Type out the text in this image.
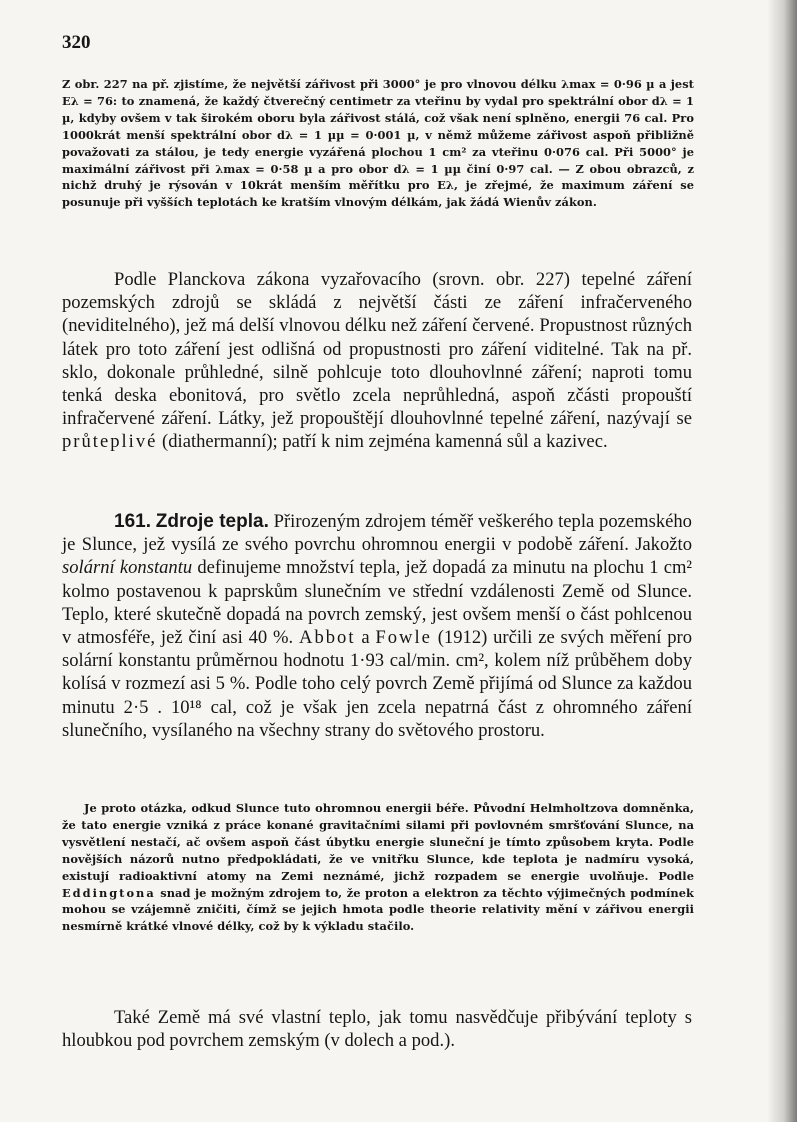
320

Z obr. 227 na př. zjistíme, že největší zářivost při 3000° je pro vlnovou délku λmax = 0·96 µ a jest Eλ = 76: to znamená, že každý čtverečný centimetr za vteřinu by vydal pro spektrální obor dλ = 1 µ, kdyby ovšem v tak širokém oboru byla zářivost stálá, což však není splněno, energii 76 cal. Pro 1000krát menší spektrální obor dλ = 1 µµ = 0·001 µ, v němž můžeme zářivost aspoň přibližně považovati za stálou, je tedy energie vyzářená plochou 1 cm² za vteřinu 0·076 cal. Při 5000° je maximální zářivost při λmax = 0·58 µ a pro obor dλ = 1 µµ činí 0·97 cal. — Z obou obrazců, z nichž druhý je rýsován v 10krát menším měřítku pro Eλ, je zřejmé, že maximum záření se posunuje při vyšších teplotách ke kratším vlnovým délkám, jak žádá Wienův zákon.

Podle Planckova zákona vyzařovacího (srovn. obr. 227) tepelné záření pozemských zdrojů se skládá z největší části ze záření infračerveného (neviditelného), jež má delší vlnovou délku než záření červené. Propustnost různých látek pro toto záření jest odlišná od propustnosti pro záření viditelné. Tak na př. sklo, dokonale průhledné, silně pohlcuje toto dlouhovlnné záření; naproti tomu tenká deska ebonitová, pro světlo zcela neprůhledná, aspoň zčásti propouští infračervené záření. Látky, jež propouštějí dlouhovlnné tepelné záření, nazývají se průteplivé (diathermanní); patří k nim zejména kamenná sůl a kazivec.

161. Zdroje tepla. Přirozeným zdrojem téměř veškerého tepla pozemského je Slunce, jež vysílá ze svého povrchu ohromnou energii v podobě záření. Jakožto solární konstantu definujeme množství tepla, jež dopadá za minutu na plochu 1 cm² kolmo postavenou k paprskům slunečním ve střední vzdálenosti Země od Slunce. Teplo, které skutečně dopadá na povrch zemský, jest ovšem menší o část pohlcenou v atmosféře, jež činí asi 40 %. Abbot a Fowle (1912) určili ze svých měření pro solární konstantu průměrnou hodnotu 1·93 cal/min. cm², kolem níž průběhem doby kolísá v rozmezí asi 5 %. Podle toho celý povrch Země přijímá od Slunce za každou minutu 2·5 . 10¹⁸ cal, což je však jen zcela nepatrná část z ohromného záření slunečního, vysílaného na všechny strany do světového prostoru.

Je proto otázka, odkud Slunce tuto ohromnou energii béře. Původní Helmholtzova domněnka, že tato energie vzniká z práce konané gravitačními silami při povlovném smršťování Slunce, na vysvětlení nestačí, ač ovšem aspoň část úbytku energie sluneční je tímto způsobem kryta. Podle novějších názorů nutno předpokládati, že ve vnitřku Slunce, kde teplota je nadmíru vysoká, existují radioaktivní atomy na Zemi neznámé, jichž rozpadem se energie uvolňuje. Podle Eddingtona snad je možným zdrojem to, že proton a elektron za těchto výjimečných podmínek mohou se vzájemně zničiti, čímž se jejich hmota podle theorie relativity mění v zářivou energii nesmírně krátké vlnové délky, což by k výkladu stačilo.

Také Země má své vlastní teplo, jak tomu nasvědčuje přibývání teploty s hloubkou pod povrchem zemským (v dolech a pod.).
